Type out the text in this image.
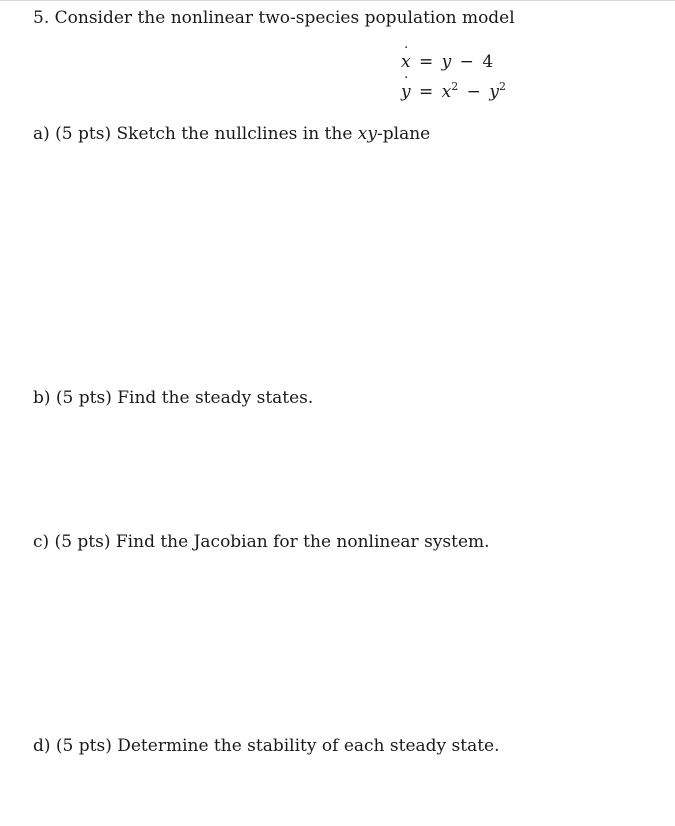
5. Consider the nonlinear two-species population model
x ˙ = y − 4
y ˙ = $x^2 - y^2$
a) (5 pts) Sketch the nullclines in the xy-plane
b) (5 pts) Find the steady states.
c) (5 pts) Find the Jacobian for the nonlinear system.
d) (5 pts) Determine the stability of each steady state.
